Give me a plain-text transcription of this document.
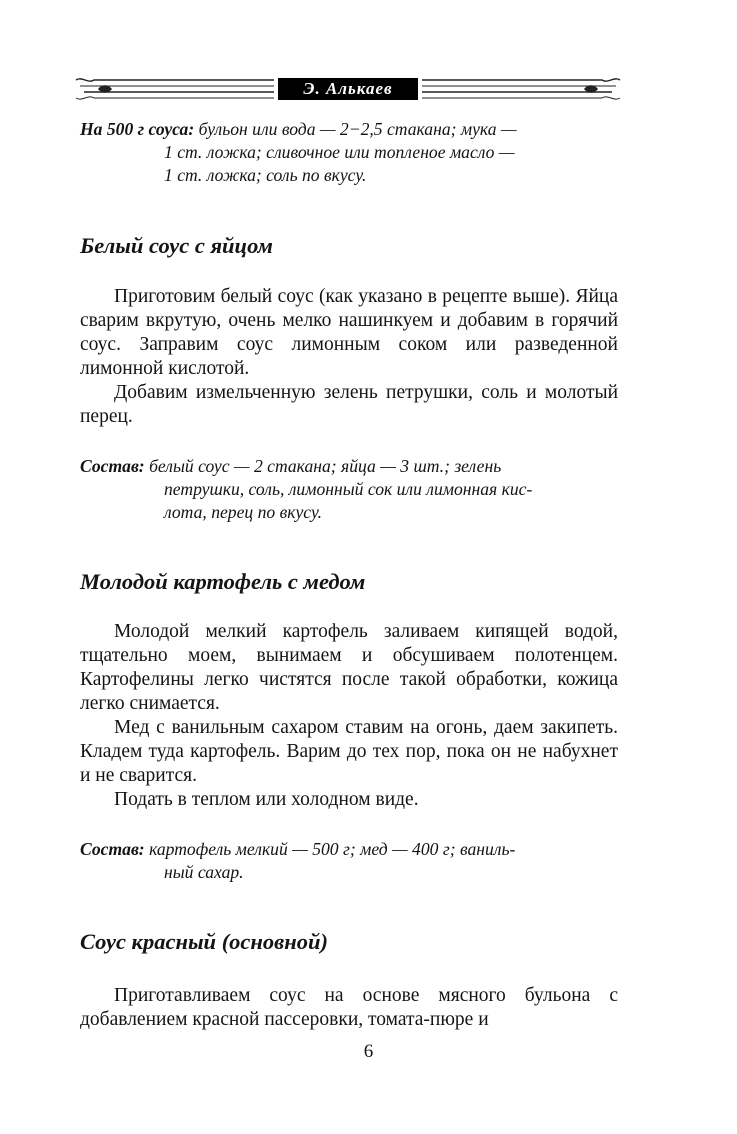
Э. Алькаев
На 500 г соуса: бульон или вода — 2−2,5 стакана; мука —
1 ст. ложка; сливочное или топленое масло —
1 ст. ложка; соль по вкусу.
Белый соус с яйцом

Приготовим белый соус (как указано в рецепте выше). Яйца сварим вкрутую, очень мелко нашинкуем и добавим в горячий соус. Заправим соус лимонным соком или разведенной лимонной кислотой.

Добавим измельченную зелень петрушки, соль и молотый перец.

Состав: белый соус — 2 стакана; яйца — 3 шт.; зелень
петрушки, соль, лимонный сок или лимонная кис-
лота, перец по вкусу.
Молодой картофель с медом

Молодой мелкий картофель заливаем кипящей водой, тщательно моем, вынимаем и обсушиваем полотенцем. Картофелины легко чистятся после такой обработки, кожица легко снимается.

Мед с ванильным сахаром ставим на огонь, даем закипеть. Кладем туда картофель. Варим до тех пор, пока он не набухнет и не сварится.

Подать в теплом или холодном виде.

Состав: картофель мелкий — 500 г; мед — 400 г; ваниль-
ный сахар.
Соус красный (основной)

Приготавливаем соус на основе мясного бульона с добавлением красной пассеровки, томата-пюре и

6
